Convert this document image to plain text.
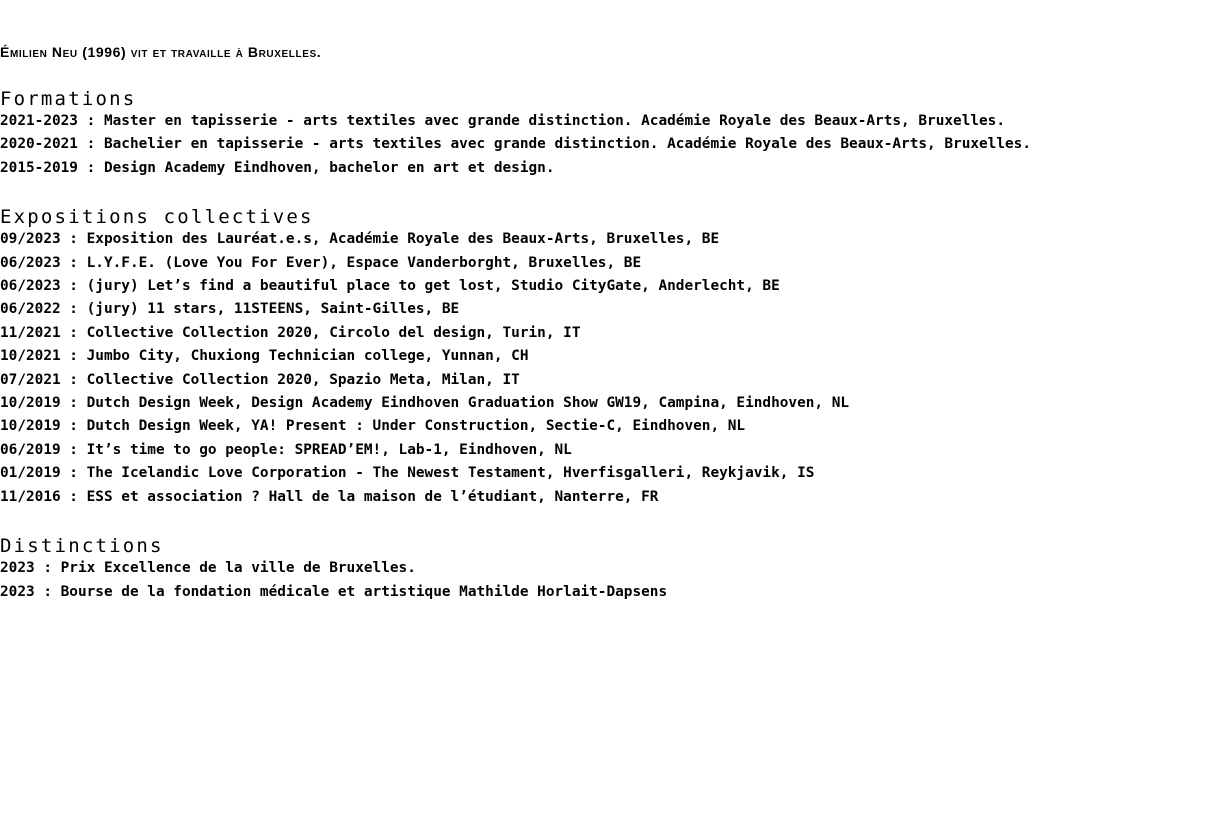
Émilien Neu (1996) vit et travaille à Bruxelles.

Formations
2021-2023 : Master en tapisserie - arts textiles avec grande distinction. Académie Royale des Beaux-Arts, Bruxelles.
2020-2021 : Bachelier en tapisserie - arts textiles avec grande distinction. Académie Royale des Beaux-Arts, Bruxelles.
2015-2019 : Design Academy Eindhoven, bachelor en art et design.
Expositions collectives
09/2023 : Exposition des Lauréat.e.s, Académie Royale des Beaux-Arts, Bruxelles, BE
06/2023 : L.Y.F.E. (Love You For Ever), Espace Vanderborght, Bruxelles, BE
06/2023 : (jury) Let’s find a beautiful place to get lost, Studio CityGate, Anderlecht, BE
06/2022 : (jury) 11 stars, 11STEENS, Saint-Gilles, BE
11/2021 : Collective Collection 2020, Circolo del design, Turin, IT
10/2021 : Jumbo City, Chuxiong Technician college, Yunnan, CH
07/2021 : Collective Collection 2020, Spazio Meta, Milan, IT
10/2019 : Dutch Design Week, Design Academy Eindhoven Graduation Show GW19, Campina, Eindhoven, NL
10/2019 : Dutch Design Week, YA! Present : Under Construction, Sectie-C, Eindhoven, NL
06/2019 : It’s time to go people: SPREAD’EM!, Lab-1, Eindhoven, NL
01/2019 : The Icelandic Love Corporation - The Newest Testament, Hverfisgalleri, Reykjavik, IS
11/2016 : ESS et association ? Hall de la maison de l’étudiant, Nanterre, FR
Distinctions
2023 : Prix Excellence de la ville de Bruxelles.
2023 : Bourse de la fondation médicale et artistique Mathilde Horlait-Dapsens
